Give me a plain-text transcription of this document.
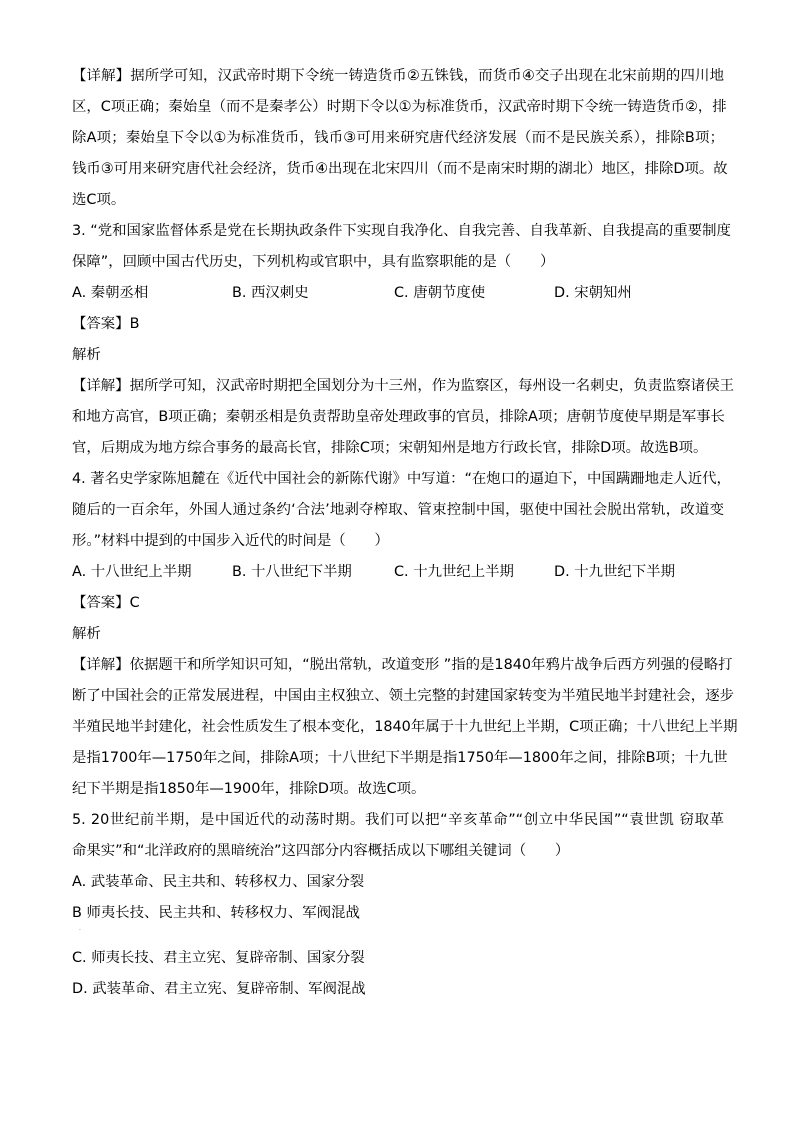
【详解】据所学可知，汉武帝时期下令统一铸造货币②五铢钱，而货币④交子出现在北宋前期的四川地
区，C项正确；秦始皇（而不是秦孝公）时期下令以①为标准货币，汉武帝时期下令统一铸造货币②，排
除A项；秦始皇下令以①为标准货币，钱币③可用来研究唐代经济发展（而不是民族关系），排除B项；
钱币③可用来研究唐代社会经济，货币④出现在北宋四川（而不是南宋时期的湖北）地区，排除D项。故
选C项。
3. “党和国家监督体系是党在长期执政条件下实现自我净化、自我完善、自我革新、自我提高的重要制度
保障”，回顾中国古代历史，下列机构或官职中，具有监察职能的是（　　）
A. 秦朝丞相	B. 西汉刺史	C. 唐朝节度使	D. 宋朝知州
【答案】B
解析
【详解】据所学可知，汉武帝时期把全国划分为十三州，作为监察区，每州设一名刺史，负责监察诸侯王
和地方高官，B项正确；秦朝丞相是负责帮助皇帝处理政事的官员，排除A项；唐朝节度使早期是军事长
官，后期成为地方综合事务的最高长官，排除C项；宋朝知州是地方行政长官，排除D项。故选B项。
4. 著名史学家陈旭麓在《近代中国社会的新陈代谢》中写道：“在炮口的逼迫下，中国蹒跚地走人近代，
随后的一百余年，外国人通过条约‘合法’地剥夺榨取、管束控制中国，驱使中国社会脱出常轨，改道变
形。”材料中提到的中国步入近代的时间是（　　）
A. 十八世纪上半期	B. 十八世纪下半期	C. 十九世纪上半期	D. 十九世纪下半期
【答案】C
解析
【详解】依据题干和所学知识可知，“脱出常轨，改道变形 ”指的是1840年鸦片战争后西方列强的侵略打
断了中国社会的正常发展进程，中国由主权独立、领土完整的封建国家转变为半殖民地半封建社会，逐步
半殖民地半封建化，社会性质发生了根本变化，1840年属于十九世纪上半期，C项正确；十八世纪上半期
是指1700年—1750年之间，排除A项；十八世纪下半期是指1750年—1800年之间，排除B项；十九世
纪下半期是指1850年—1900年，排除D项。故选C项。
5. 20世纪前半期，是中国近代的动荡时期。我们可以把“辛亥革命”“创立中华民国”“袁世凯 窃取革
命果实”和“北洋政府的黑暗统治”这四部分内容概括成以下哪组关键词（　　）
A. 武装革命、民主共和、转移权力、国家分裂
B 师夷长技、民主共和、转移权力、军阀混战
C. 师夷长技、君主立宪、复辟帝制、国家分裂
D. 武装革命、君主立宪、复辟帝制、军阀混战
·
